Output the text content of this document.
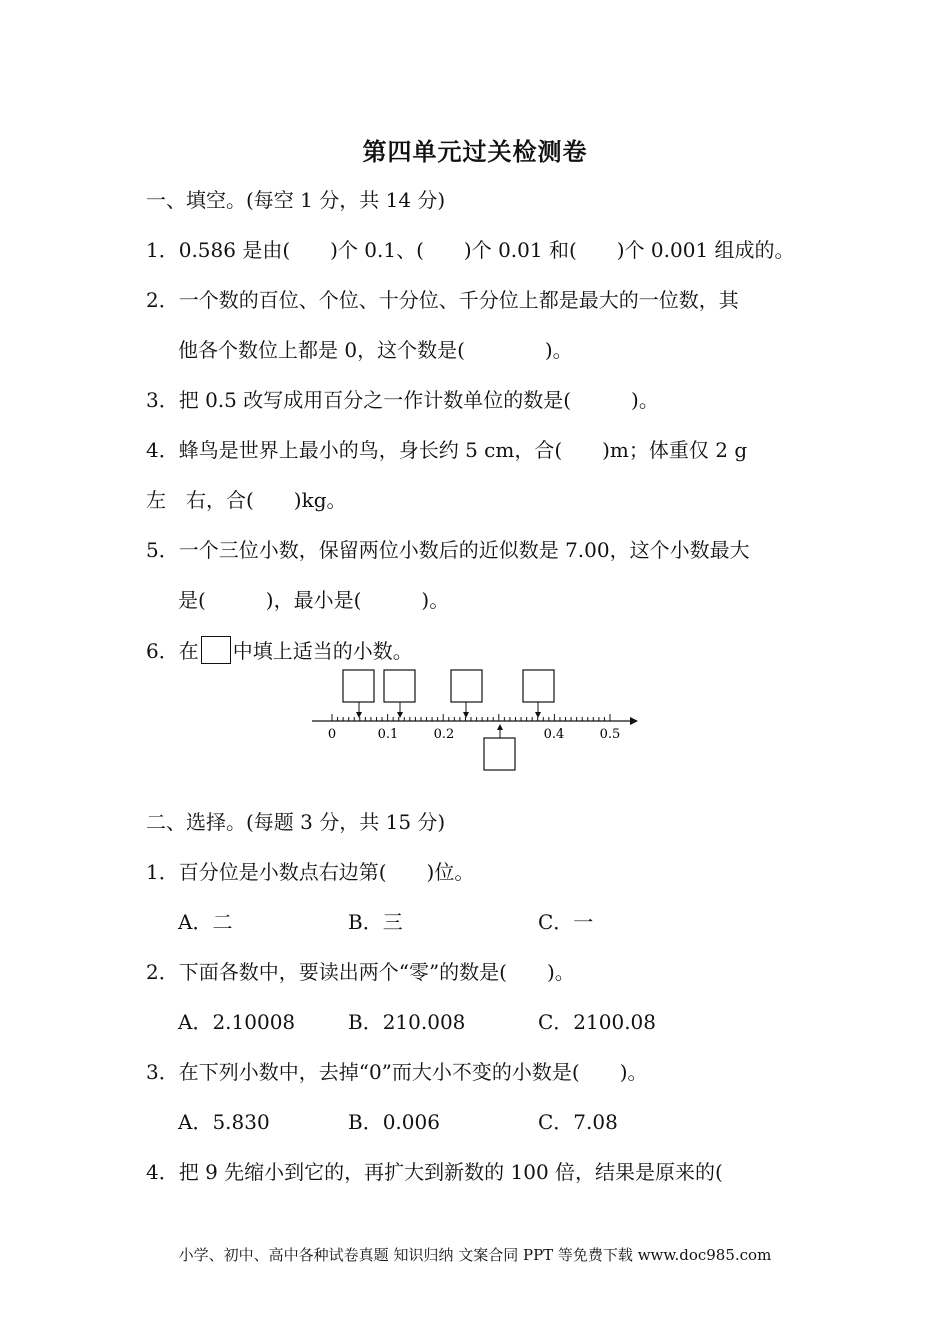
第四单元过关检测卷
一、填空。(每空 1 分，共 14 分)
1．0.586 是由(　　)个 0.1、(　　)个 0.01 和(　　)个 0.001 组成的。
2．一个数的百位、个位、十分位、千分位上都是最大的一位数，其
他各个数位上都是 0，这个数是(　　　　)。
3．把 0.5 改写成用百分之一作计数单位的数是(　　　)。
4．蜂鸟是世界上最小的鸟，身长约 5 cm，合(　　)m；体重仅 2 g
左　右，合(　　)kg。
5．一个三位小数，保留两位小数后的近似数是 7.00，这个小数最大
是(　　　)，最小是(　　　)。
6．在 中填上适当的小数。
0	0.1	0.2	0.4	0.5
二、选择。(每题 3 分，共 15 分)
1．百分位是小数点右边第(　　)位。
A．二	B．三	C．一
2．下面各数中，要读出两个“零”的数是(　　)。
A．2.10008	B．210.008	C．2100.08
3．在下列小数中，去掉“0”而大小不变的小数是(　　)。
A．5.830	B．0.006	C．7.08
4．把 9 先缩小到它的，再扩大到新数的 100 倍，结果是原来的(
小学、初中、高中各种试卷真题 知识归纳 文案合同 PPT 等免费下载 www.doc985.com
